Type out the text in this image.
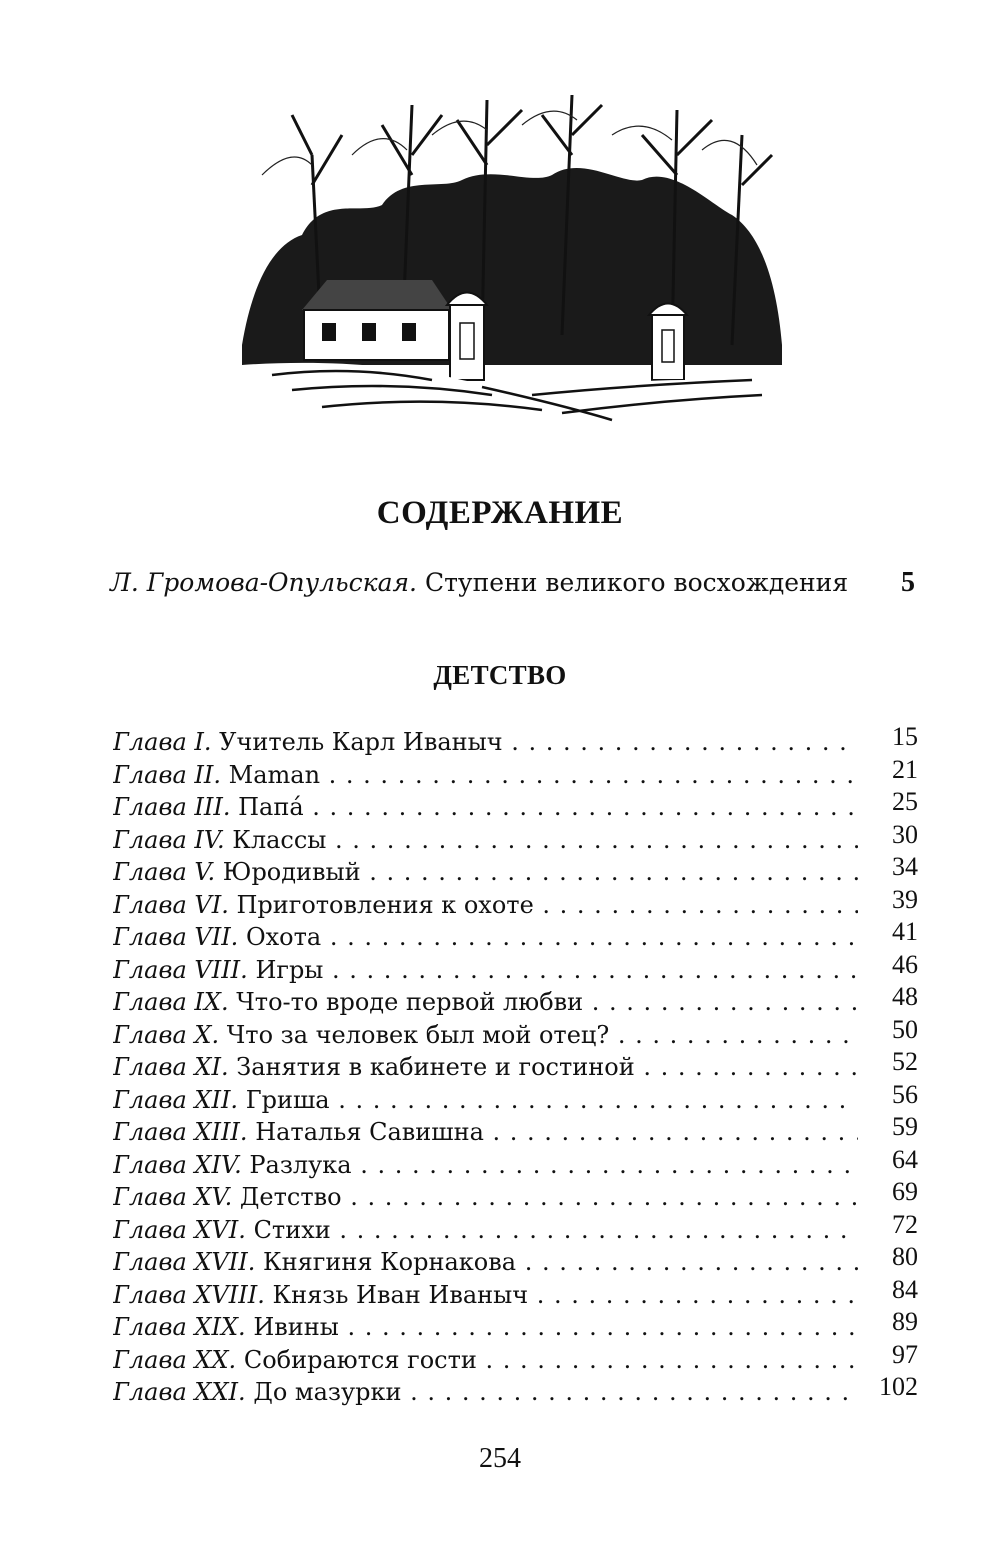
СОДЕРЖАНИЕ
Л. Громова-Опульская. Ступени великого восхождения 5
ДЕТСТВО
Глава I. Учитель Карл Иваныч . . .	15
Глава II. Maman . . .	21
Глава III. Папá . . .	25
Глава IV. Классы . . .	30
Глава V. Юродивый . . .	34
Глава VI. Приготовления к охоте . . .	39
Глава VII. Охота . . .	41
Глава VIII. Игры . . .	46
Глава IX. Что-то вроде первой любви . . .	48
Глава X. Что за человек был мой отец? . . .	50
Глава XI. Занятия в кабинете и гостиной . . .	52
Глава XII. Гриша . . .	56
Глава XIII. Наталья Савишна . . .	59
Глава XIV. Разлука . . .	64
Глава XV. Детство . . .	69
Глава XVI. Стихи . . .	72
Глава XVII. Княгиня Корнакова . . .	80
Глава XVIII. Князь Иван Иваныч . . .	84
Глава XIX. Ивины . . .	89
Глава XX. Собираются гости . . .	97
Глава XXI. До мазурки . . .	102
254
